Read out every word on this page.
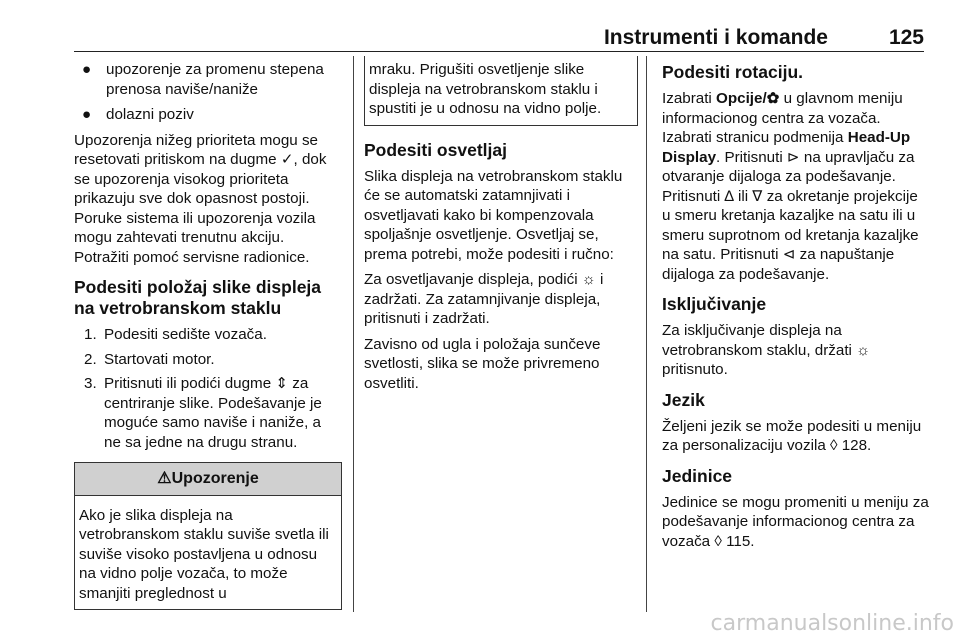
Instrumenti i komande	125
● upozorenje za promenu stepena prenosa naviše/naniže
● dolazni poziv

Upozorenja nižeg prioriteta mogu se resetovati pritiskom na dugme ✓, dok se upozorenja visokog prioriteta prikazuju sve dok opasnost postoji. Poruke sistema ili upozorenja vozila mogu zahtevati trenutnu akciju. Potražiti pomoć servisne radionice.

Podesiti položaj slike displeja na vetrobranskom staklu
1. Podesiti sedište vozača.
2. Startovati motor.
3. Pritisnuti ili podići dugme ⇕ za centriranje slike. Podešavanje je moguće samo naviše i naniže, a ne sa jedne na drugu stranu.
⚠Upozorenje
Ako je slika displeja na vetrobranskom staklu suviše svetla ili suviše visoko postavljena u odnosu na vidno polje vozača, to može smanjiti preglednost u
mraku. Prigušiti osvetljenje slike displeja na vetrobranskom staklu i spustiti je u odnosu na vidno polje.
Podesiti osvetljaj

Slika displeja na vetrobranskom staklu će se automatski zatamnjivati i osvetljavati kako bi kompenzovala spoljašnje osvetljenje. Osvetljaj se, prema potrebi, može podesiti i ručno:

Za osvetljavanje displeja, podići ☼ i zadržati. Za zatamnjivanje displeja, pritisnuti i zadržati.

Zavisno od ugla i položaja sunčeve svetlosti, slika se može privremeno osvetliti.

Podesiti rotaciju.

Izabrati Opcije/✿ u glavnom meniju informacionog centra za vozača. Izabrati stranicu podmenija Head-Up Display. Pritisnuti ⊳ na upravljaču za otvaranje dijaloga za podešavanje. Pritisnuti ∆ ili ∇ za okretanje projekcije u smeru kretanja kazaljke na satu ili u smeru suprotnom od kretanja kazaljke na satu. Pritisnuti ⊲ za napuštanje dijaloga za podešavanje.

Isključivanje

Za isključivanje displeja na vetrobranskom staklu, držati ☼ pritisnuto.

Jezik

Željeni jezik se može podesiti u meniju za personalizaciju vozila ◊ 128.

Jedinice

Jedinice se mogu promeniti u meniju za podešavanje informacionog centra za vozača ◊ 115.

carmanualsonline.info
